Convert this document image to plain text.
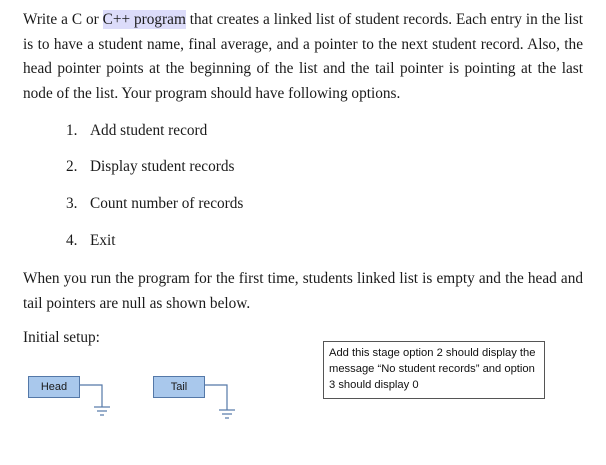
Write a C or C++ program that creates a linked list of student records. Each entry in the list is to have a student name, final average, and a pointer to the next student record. Also, the head pointer points at the beginning of the list and the tail pointer is pointing at the last node of the list. Your program should have following options.

1. Add student record
2. Display student records
3. Count number of records
4. Exit

When you run the program for the first time, students linked list is empty and the head and tail pointers are null as shown below.

Initial setup:
Add this stage option 2 should display the message “No student records” and option 3 should display 0
Head	Tail
